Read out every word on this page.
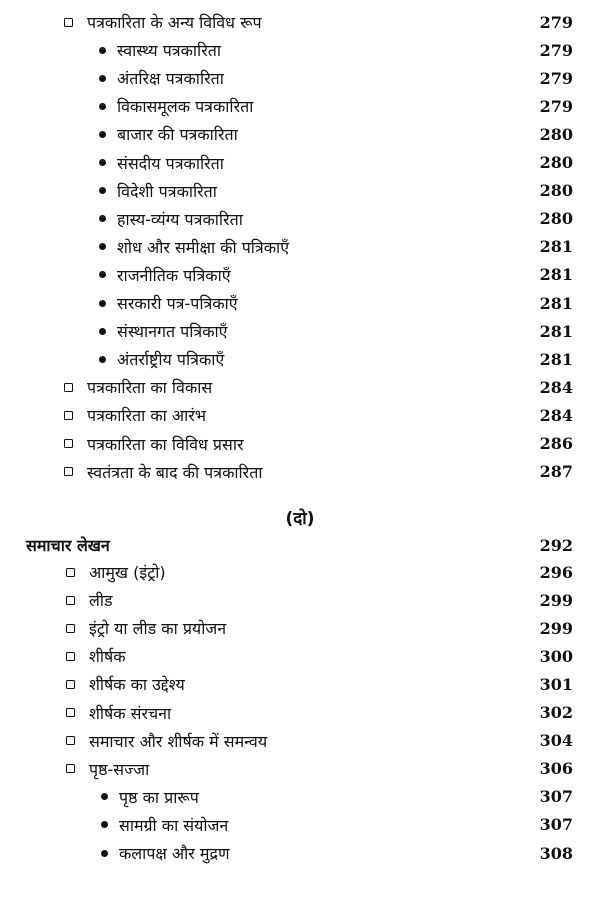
पत्रकारिता के अन्य विविध रूप	279
स्वास्थ्य पत्रकारिता	279
अंतरिक्ष पत्रकारिता	279
विकासमूलक पत्रकारिता	279
बाजार की पत्रकारिता	280
संसदीय पत्रकारिता	280
विदेशी पत्रकारिता	280
हास्य-व्यंग्य पत्रकारिता	280
शोध और समीक्षा की पत्रिकाएँ	281
राजनीतिक पत्रिकाएँ	281
सरकारी पत्र-पत्रिकाएँ	281
संस्थानगत पत्रिकाएँ	281
अंतर्राष्ट्रीय पत्रिकाएँ	281
पत्रकारिता का विकास	284
पत्रकारिता का आरंभ	284
पत्रकारिता का विविध प्रसार	286
स्वतंत्रता के बाद की पत्रकारिता	287
(दो)
समाचार लेखन	292
आमुख (इंट्रो)	296
लीड	299
इंट्रो या लीड का प्रयोजन	299
शीर्षक	300
शीर्षक का उद्देश्य	301
शीर्षक संरचना	302
समाचार और शीर्षक में समन्वय	304
पृष्ठ-सज्जा	306
पृष्ठ का प्रारूप	307
सामग्री का संयोजन	307
कलापक्ष और मुद्रण	308
